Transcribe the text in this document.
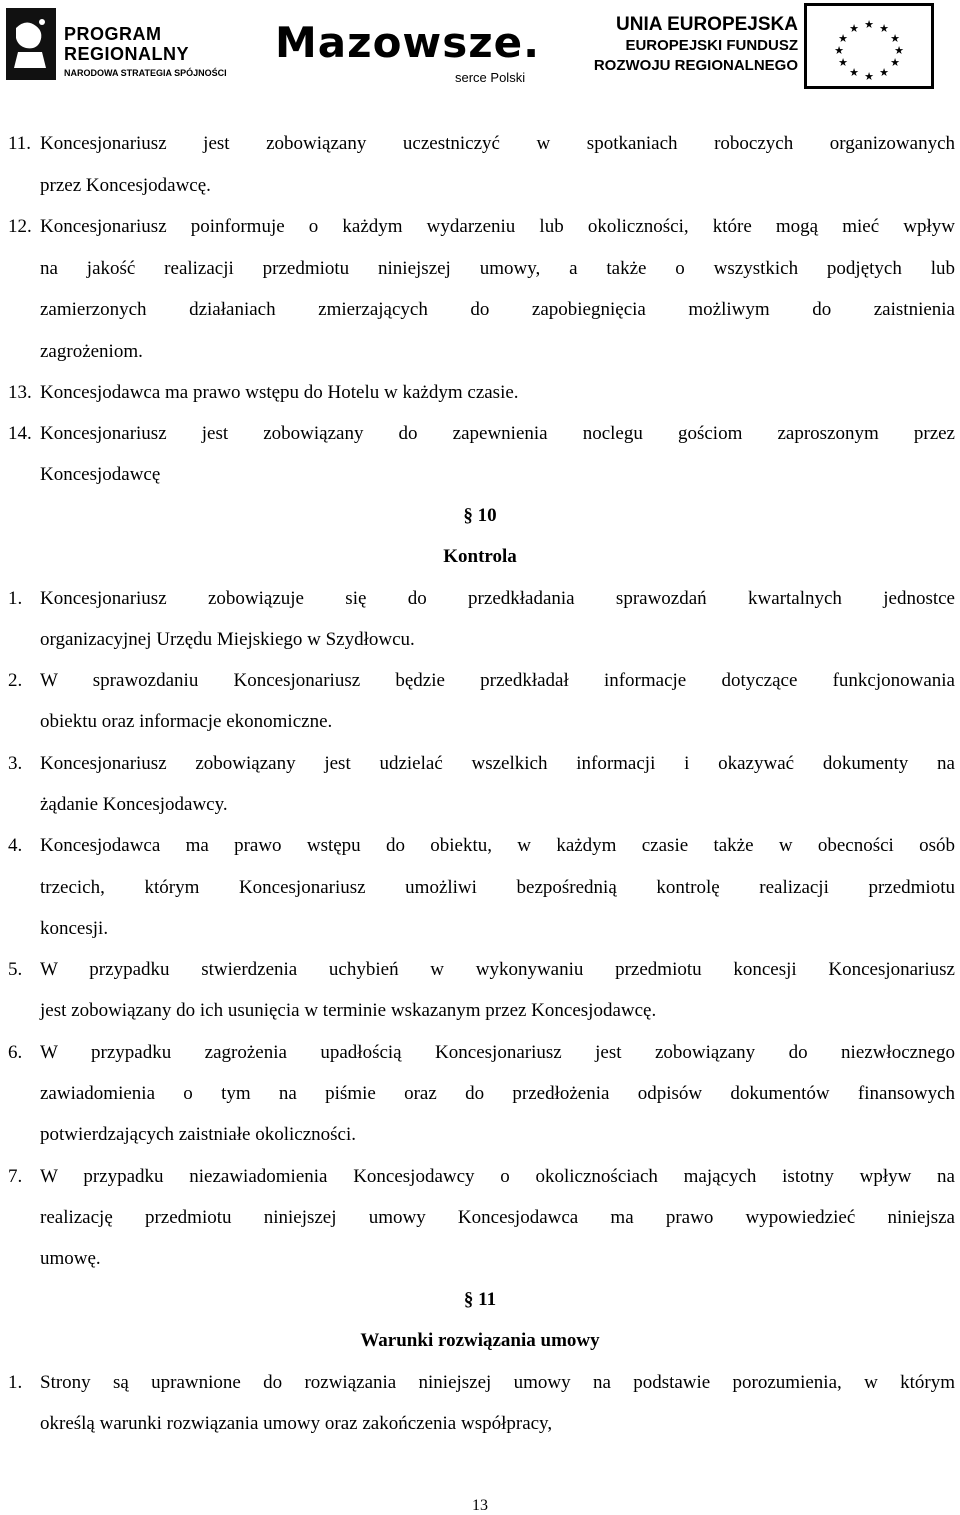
PROGRAM
REGIONALNY
NARODOWA STRATEGIA SPÓJNOŚCI
Mazowsze.
serce Polski
UNIA EUROPEJSKA
EUROPEJSKI FUNDUSZ
ROZWOJU REGIONALNEGO
★ ★
★
★
★
★
★
★
★
★
★
★
11. Koncesjonariusz jest zobowiązany uczestniczyć w spotkaniach roboczych organizowanych
przez Koncesjodawcę.
12. Koncesjonariusz poinformuje o każdym wydarzeniu lub okoliczności, które mogą mieć wpływ
na jakość realizacji przedmiotu niniejszej umowy, a także o wszystkich podjętych lub
zamierzonych działaniach zmierzających do zapobiegnięcia możliwym do zaistnienia
zagrożeniom.
13. Koncesjodawca ma prawo wstępu do Hotelu w każdym czasie.
14. Koncesjonariusz jest zobowiązany do zapewnienia noclegu gościom zaproszonym przez
Koncesjodawcę
§ 10
Kontrola
1. Koncesjonariusz zobowiązuje się do przedkładania sprawozdań kwartalnych jednostce
organizacyjnej Urzędu Miejskiego w Szydłowcu.
2. W sprawozdaniu Koncesjonariusz będzie przedkładał informacje dotyczące funkcjonowania
obiektu oraz informacje ekonomiczne.
3. Koncesjonariusz zobowiązany jest udzielać wszelkich informacji i okazywać dokumenty na
żądanie Koncesjodawcy.
4. Koncesjodawca ma prawo wstępu do obiektu, w każdym czasie także w obecności osób
trzecich, którym Koncesjonariusz umożliwi bezpośrednią kontrolę realizacji przedmiotu
koncesji.
5. W przypadku stwierdzenia uchybień w wykonywaniu przedmiotu koncesji Koncesjonariusz
jest zobowiązany do ich usunięcia w terminie wskazanym przez Koncesjodawcę.
6. W przypadku zagrożenia upadłością Koncesjonariusz jest zobowiązany do niezwłocznego
zawiadomienia o tym na piśmie oraz do przedłożenia odpisów dokumentów finansowych
potwierdzających zaistniałe okoliczności.
7. W przypadku niezawiadomienia Koncesjodawcy o okolicznościach mających istotny wpływ na
realizację przedmiotu niniejszej umowy Koncesjodawca ma prawo wypowiedzieć niniejsza
umowę.
§ 11
Warunki rozwiązania umowy
1. Strony są uprawnione do rozwiązania niniejszej umowy na podstawie porozumienia, w którym
określą warunki rozwiązania umowy oraz zakończenia współpracy,
13
